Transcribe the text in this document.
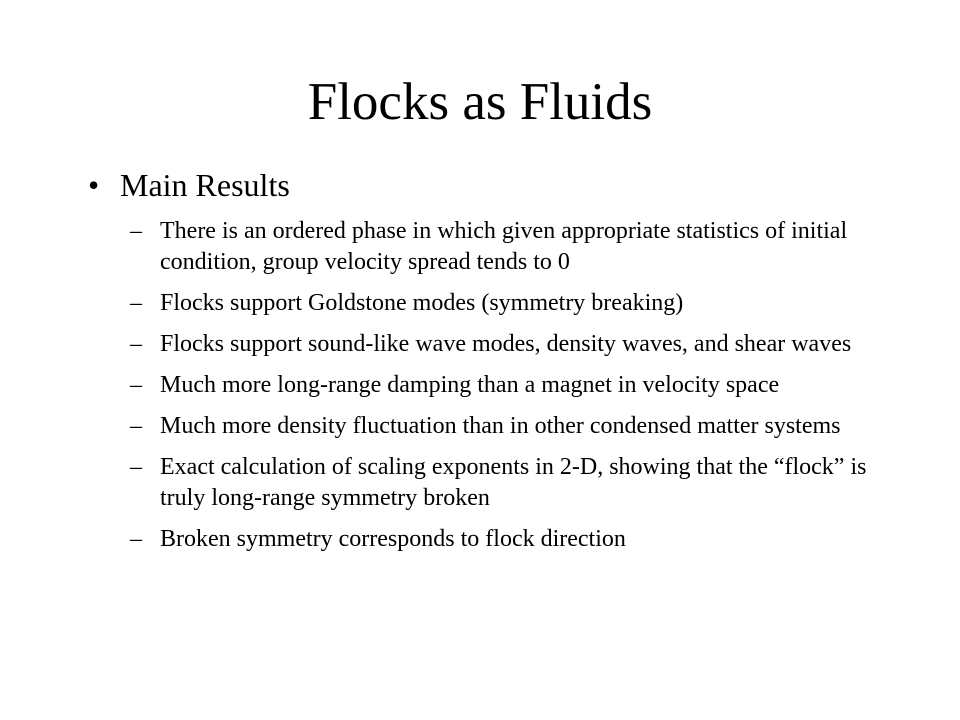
Flocks as Fluids
• Main Results
– There is an ordered phase in which given appropriate statistics of initial condition, group velocity spread tends to 0
– Flocks support Goldstone modes (symmetry breaking)
– Flocks support sound-like wave modes, density waves, and shear waves
– Much more long-range damping than a magnet in velocity space
– Much more density fluctuation than in other condensed matter systems
– Exact calculation of scaling exponents in 2-D, showing that the “flock” is truly long-range symmetry broken
– Broken symmetry corresponds to flock direction
